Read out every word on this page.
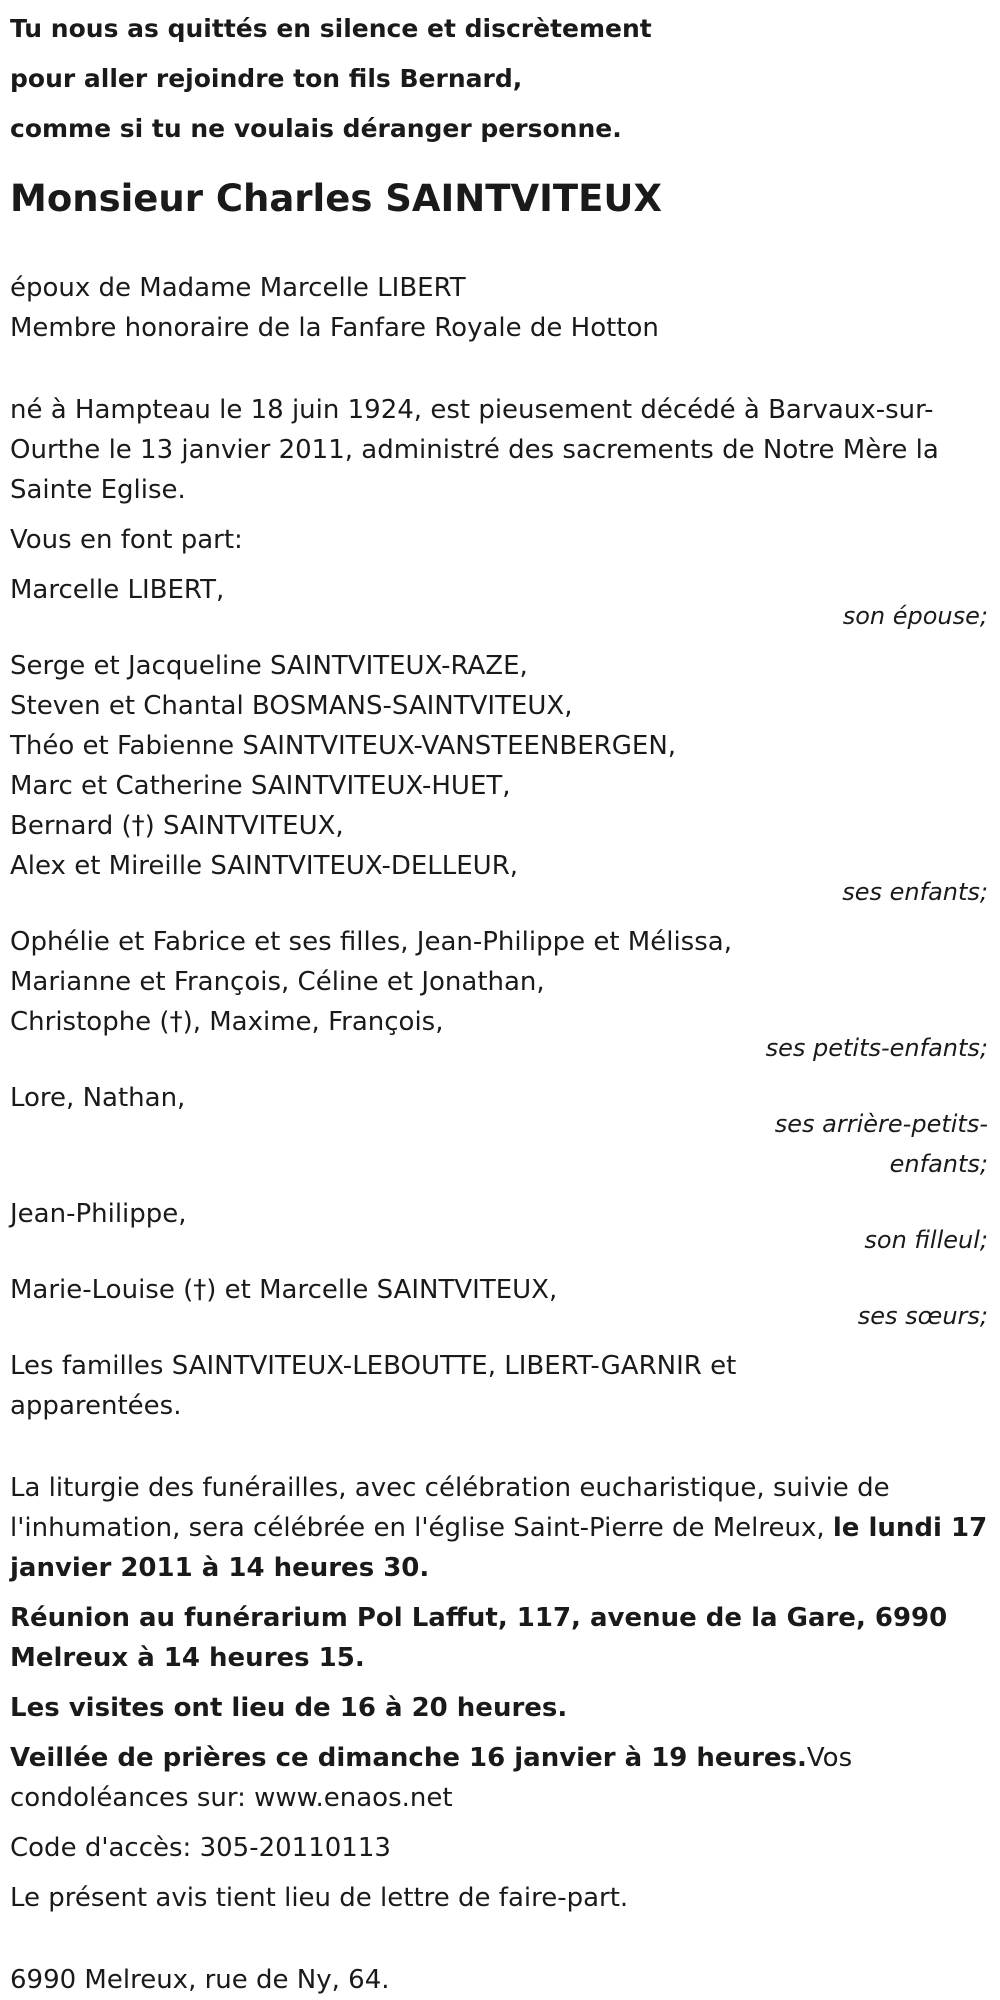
Tu nous as quittés en silence et discrètement
pour aller rejoindre ton fils Bernard,
comme si tu ne voulais déranger personne.
Monsieur Charles SAINTVITEUX

époux de Madame Marcelle LIBERT

Membre honoraire de la Fanfare Royale de Hotton

né à Hampteau le 18 juin 1924, est pieusement décédé à Barvaux-sur-Ourthe le 13 janvier 2011, administré des sacrements de Notre Mère la Sainte Eglise.

Vous en font part:

Marcelle LIBERT,

son épouse;

Serge et Jacqueline SAINTVITEUX-RAZE,

Steven et Chantal BOSMANS-SAINTVITEUX,

Théo et Fabienne SAINTVITEUX-VANSTEENBERGEN,

Marc et Catherine SAINTVITEUX-HUET,

Bernard (†) SAINTVITEUX,

Alex et Mireille SAINTVITEUX-DELLEUR,

ses enfants;

Ophélie et Fabrice et ses filles, Jean-Philippe et Mélissa,

Marianne et François, Céline et Jonathan,

Christophe (†), Maxime, François,

ses petits-enfants;

Lore, Nathan,

ses arrière-petits-enfants;

Jean-Philippe,

son filleul;

Marie-Louise (†) et Marcelle SAINTVITEUX,

ses sœurs;

Les familles SAINTVITEUX-LEBOUTTE, LIBERT-GARNIR et apparentées.

La liturgie des funérailles, avec célébration eucharistique, suivie de l'inhumation, sera célébrée en l'église Saint-Pierre de Melreux, le lundi 17 janvier 2011 à 14 heures 30.

Réunion au funérarium Pol Laffut, 117, avenue de la Gare, 6990 Melreux à 14 heures 15.

Les visites ont lieu de 16 à 20 heures.

Veillée de prières ce dimanche 16 janvier à 19 heures.Vos condoléances sur: www.enaos.net

Code d'accès: 305-20110113

Le présent avis tient lieu de lettre de faire-part.

6990 Melreux, rue de Ny, 64.
